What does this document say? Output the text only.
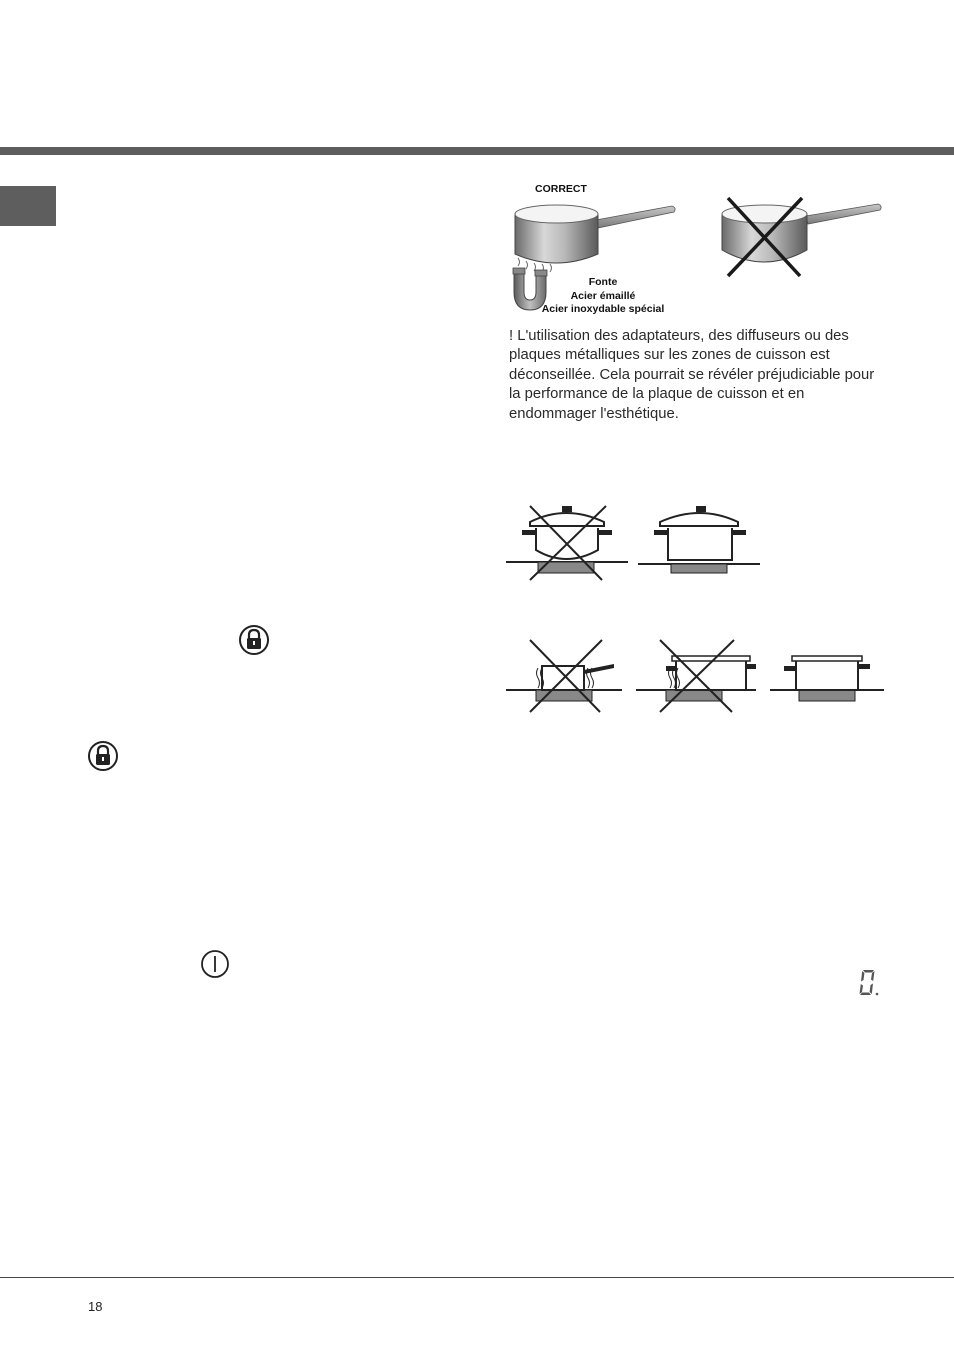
CORRECT
Fonte
Acier émaillé
Acier inoxydable spécial
! L'utilisation des adaptateurs, des diffuseurs ou des plaques métalliques sur les zones de cuisson est déconseillée. Cela pourrait se révéler préjudiciable pour la performance de la plaque de cuisson et en endommager l'esthétique.
18
